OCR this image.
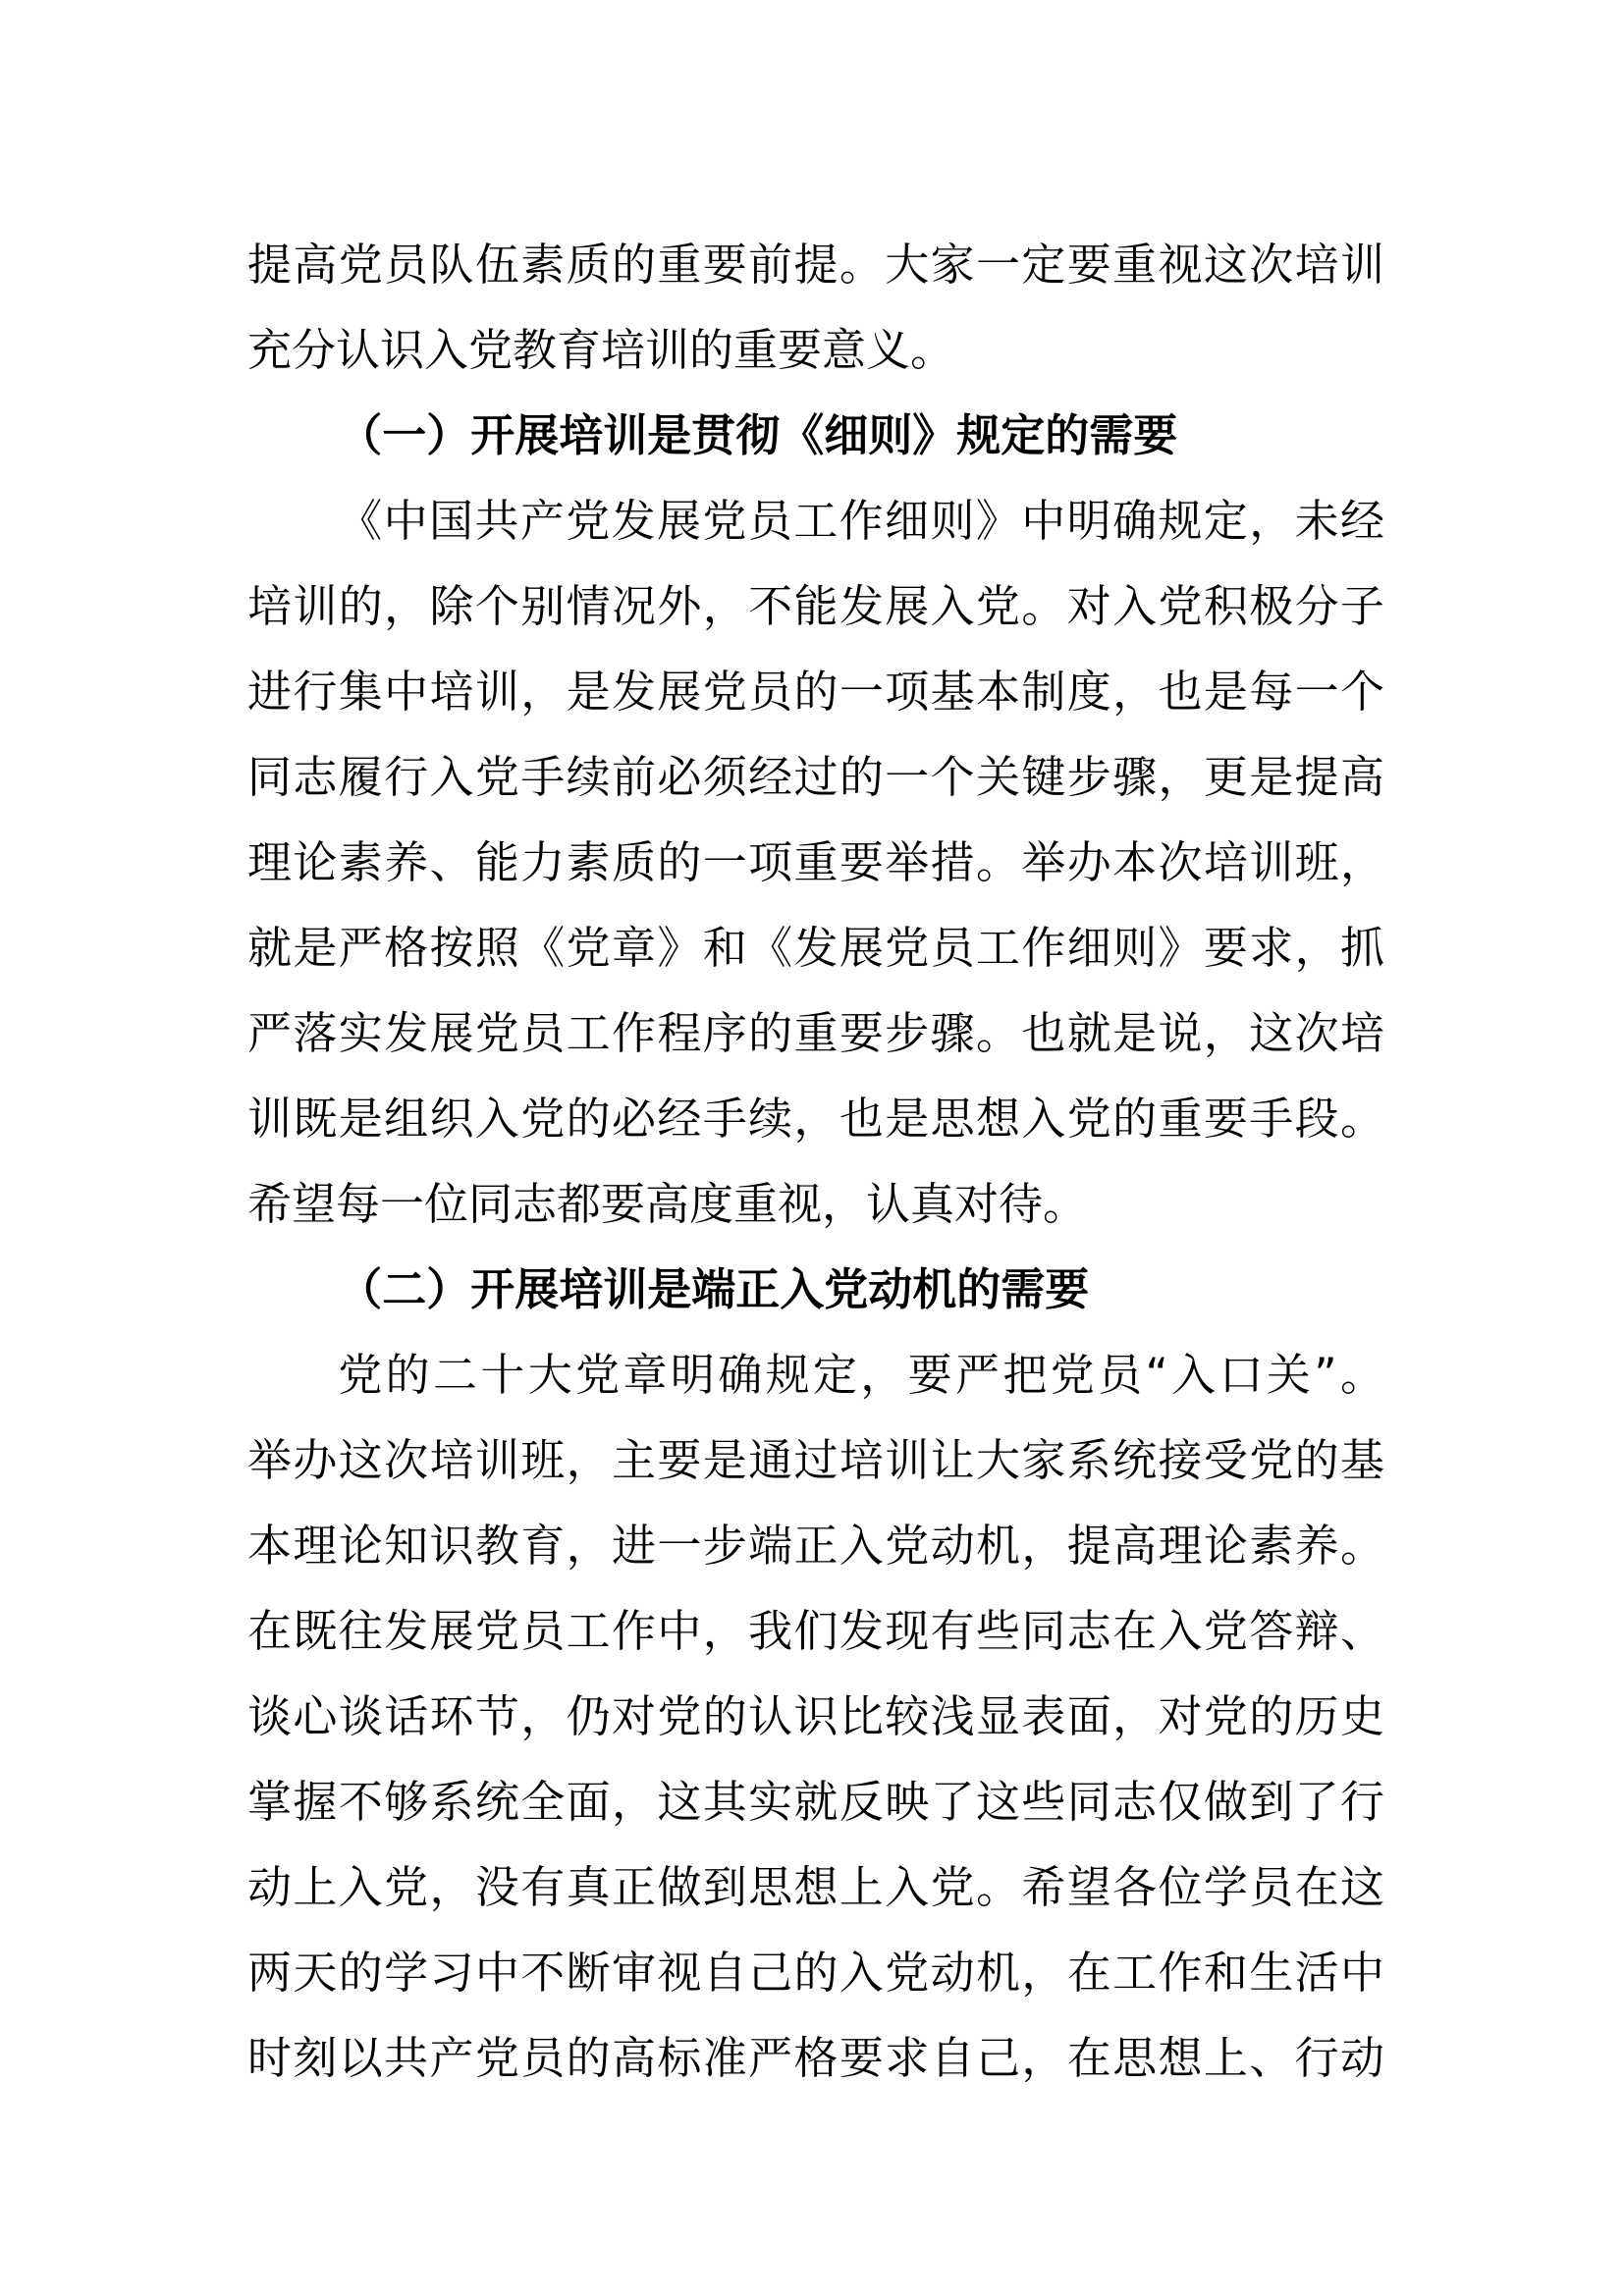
提高党员队伍素质的重要前提。大家一定要重视这次培训
充分认识入党教育培训的重要意义。
（一）开展培训是贯彻《细则》规定的需要
《中国共产党发展党员工作细则》中明确规定，未经
培训的，除个别情况外，不能发展入党。对入党积极分子
进行集中培训，是发展党员的一项基本制度，也是每一个
同志履行入党手续前必须经过的一个关键步骤，更是提高
理论素养、能力素质的一项重要举措。举办本次培训班，
就是严格按照《党章》和《发展党员工作细则》要求，抓
严落实发展党员工作程序的重要步骤。也就是说，这次培
训既是组织入党的必经手续，也是思想入党的重要手段。
希望每一位同志都要高度重视，认真对待。
（二）开展培训是端正入党动机的需要
党的二十大党章明确规定，要严把党员“入口关”。
举办这次培训班，主要是通过培训让大家系统接受党的基
本理论知识教育，进一步端正入党动机，提高理论素养。
在既往发展党员工作中，我们发现有些同志在入党答辩、
谈心谈话环节，仍对党的认识比较浅显表面，对党的历史
掌握不够系统全面，这其实就反映了这些同志仅做到了行
动上入党，没有真正做到思想上入党。希望各位学员在这
两天的学习中不断审视自己的入党动机，在工作和生活中
时刻以共产党员的高标准严格要求自己，在思想上、行动
